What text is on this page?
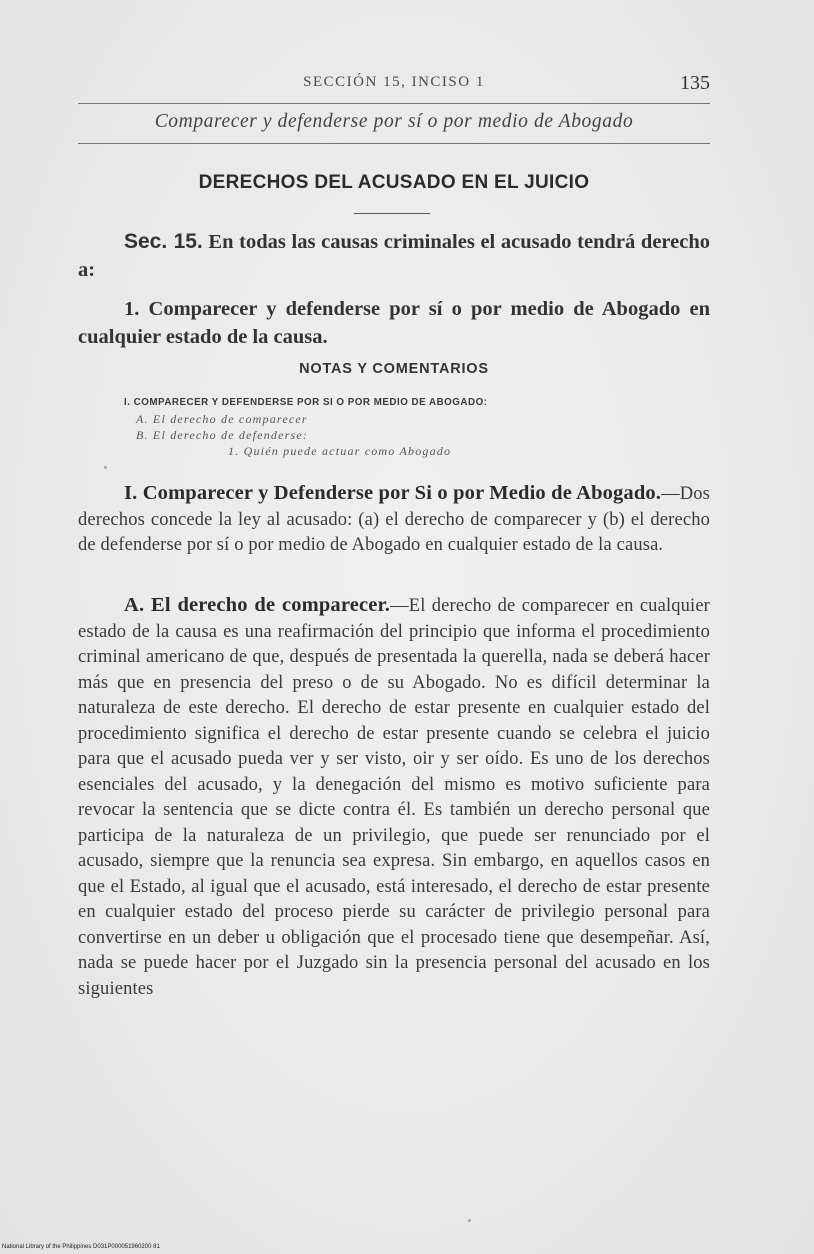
SECCIÓN 15, INCISO 1	135
Comparecer y defenderse por sí o por medio de Abogado
DERECHOS DEL ACUSADO EN EL JUICIO
Sec. 15. En todas las causas criminales el acusado tendrá derecho a:
1. Comparecer y defenderse por sí o por medio de Abogado en cualquier estado de la causa.
NOTAS Y COMENTARIOS
I. COMPARECER Y DEFENDERSE POR SI O POR MEDIO DE ABOGADO:
A. El derecho de comparecer
B. El derecho de defenderse:
1. Quién puede actuar como Abogado
I. Comparecer y Defenderse por Si o por Medio de Abogado.—Dos derechos concede la ley al acusado: (a) el derecho de comparecer y (b) el derecho de defenderse por sí o por medio de Abogado en cualquier estado de la causa.
A. El derecho de comparecer.—El derecho de comparecer en cualquier estado de la causa es una reafirmación del principio que informa el procedimiento criminal americano de que, después de presentada la querella, nada se deberá hacer más que en presencia del preso o de su Abogado. No es difícil determinar la naturaleza de este derecho. El derecho de estar presente en cualquier estado del procedimiento significa el derecho de estar presente cuando se celebra el juicio para que el acusado pueda ver y ser visto, oir y ser oído. Es uno de los derechos esenciales del acusado, y la denegación del mismo es motivo suficiente para revocar la sentencia que se dicte contra él. Es también un derecho personal que participa de la naturaleza de un privilegio, que puede ser renunciado por el acusado, siempre que la renuncia sea expresa. Sin embargo, en aquellos casos en que el Estado, al igual que el acusado, está interesado, el derecho de estar presente en cualquier estado del proceso pierde su carácter de privilegio personal para convertirse en un deber u obligación que el procesado tiene que desempeñar. Así, nada se puede hacer por el Juzgado sin la presencia personal del acusado en los siguientes
National Library of the Philippines D031P000051960200 81
